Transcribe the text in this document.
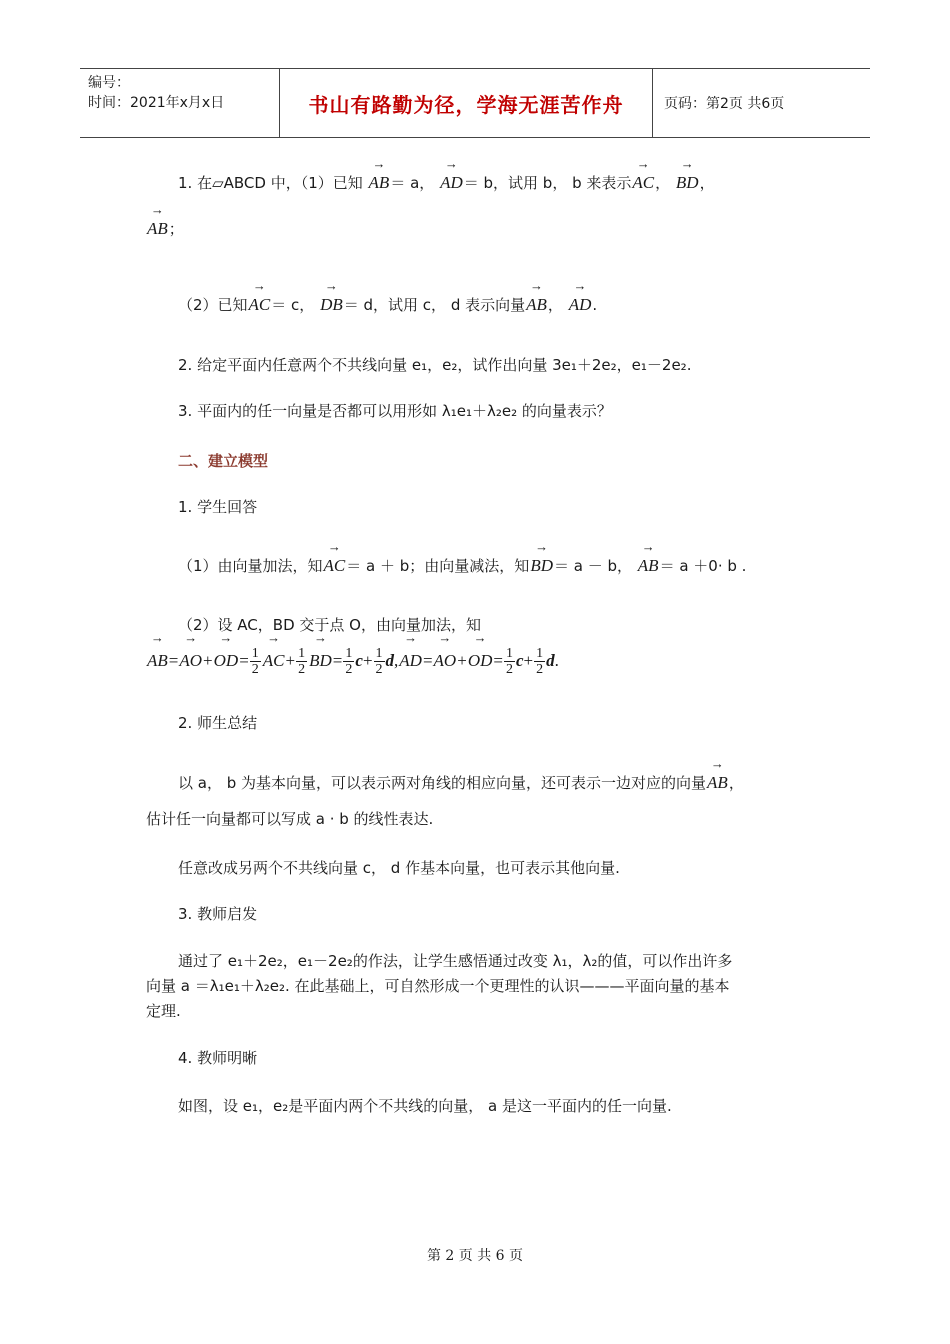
编号：
时间：2021年x月x日	书山有路勤为径，学海无涯苦作舟	页码：第2页 共6页
1. 在▱ABCD 中，（1）已知 → AB＝ a， → AD＝ b，试用 b， b 来表示→ AC， → BD，
→ AB；
（2）已知→ AC＝ c， → DB＝ d，试用 c， d 表示向量→ AB， → AD.
2. 给定平面内任意两个不共线向量 e₁，e₂，试作出向量 3e₁＋2e₂，e₁－2e₂.
3. 平面内的任一向量是否都可以用形如 λ₁e₁＋λ₂e₂ 的向量表示？
二、建立模型
1. 学生回答
（1）由向量加法，知→ AC＝ a ＋ b；由向量减法，知→ BD＝ a － b， → AB＝ a ＋0· b .
（2）设 AC，BD 交于点 O，由向量加法，知
→ $AB=\to AO+\to OD= \frac{1}{2}$
→ $AC+ \frac{1}{2}$
→ $BD= \frac{1}{2} c+ \frac{1}{2} d,\to AD=\to AO+\to OD= \frac{1}{2} c+ \frac{1}{2} d$.
2. 师生总结
以 a， b 为基本向量，可以表示两对角线的相应向量，还可表示一边对应的向量→ AB，
估计任一向量都可以写成 a · b 的线性表达.
任意改成另两个不共线向量 c， d 作基本向量，也可表示其他向量.
3. 教师启发
通过了 e₁＋2e₂，e₁－2e₂的作法，让学生感悟通过改变 λ₁，λ₂的值，可以作出许多
向量 a ＝λ₁e₁＋λ₂e₂. 在此基础上，可自然形成一个更理性的认识———平面向量的基本
定理.
4. 教师明晰
如图，设 e₁，e₂是平面内两个不共线的向量， a 是这一平面内的任一向量.
第 2 页 共 6 页
